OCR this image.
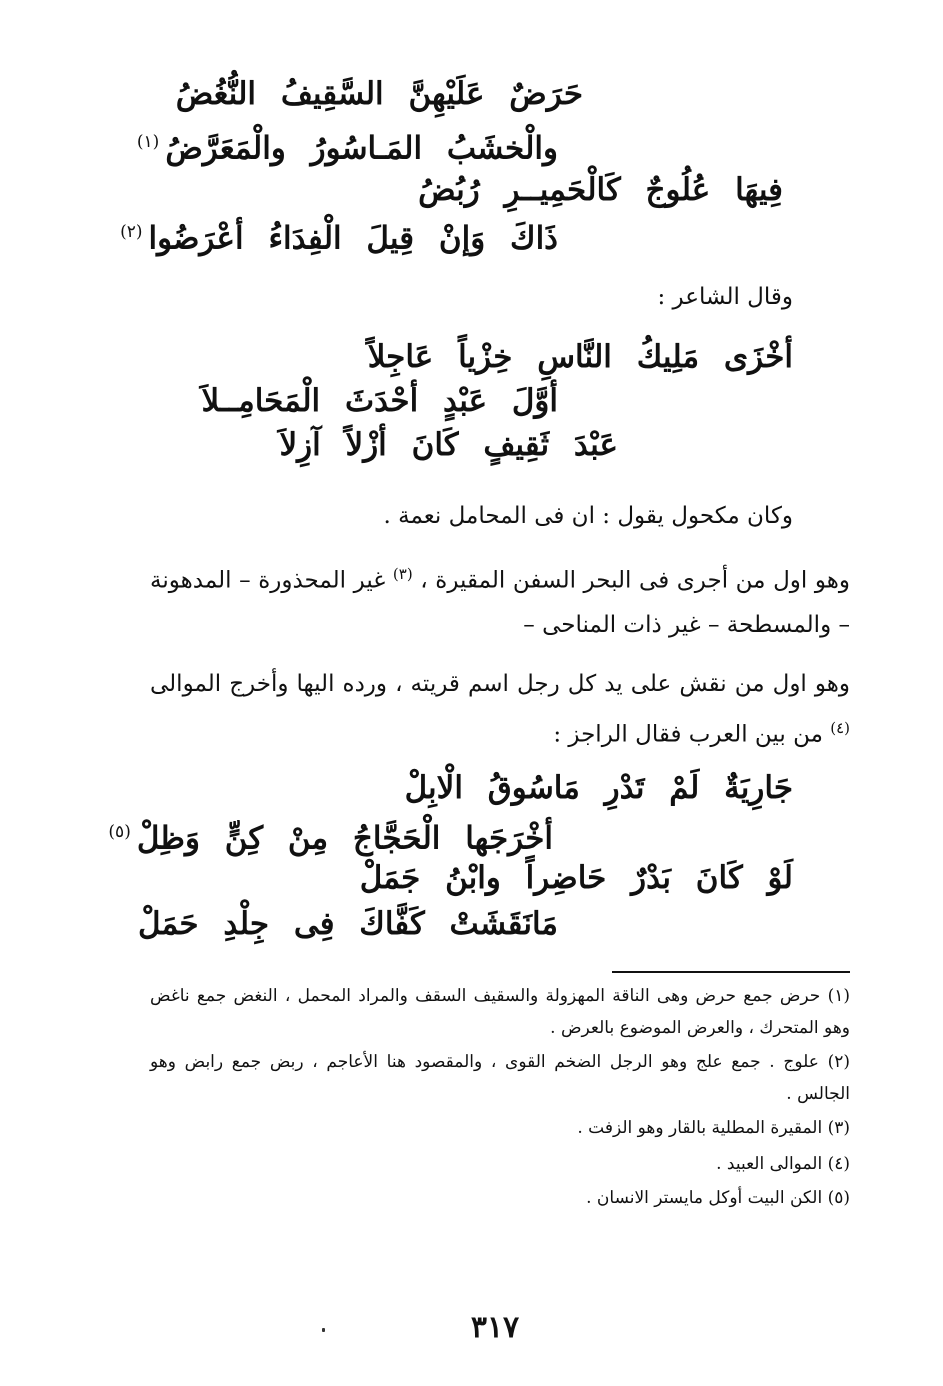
حَرَضٌ عَلَيْهِنَّ السَّقِيفُ النُّغُضُ
والْخشَبُ المَـاسُورُ والْمَعَرَّضُ$^{(١)}$
فِيهَا عُلُوجٌ كَالْحَمِيــرِ رُبُضُ
ذَاكَ وَإنْ قِيلَ الْفِدَاءُ أعْرَضُوا$^{(٢)}$
وقال الشاعر :
أخْزَى مَلِيكُ النَّاسِ خِزْياً عَاجِلاً
أوَّلَ عَبْدٍ أحْدَثَ الْمَحَامِــلاَ
عَبْدَ ثَقِيفٍ كَانَ أزْلاً آزِلاَ
وكان مكحول يقول : ان فى المحامل نعمة .
وهو اول من أجرى فى البحر السفن المقيرة ، $^{(٣)}$ غير المحذورة – المدهونة – والمسطحة – غير ذات المناحى –
وهو اول من نقش على يد كل رجل اسم قريته ، ورده اليها وأخرج الموالى $^{(٤)}$ من بين العرب فقال الراجز :
جَارِيَةٌ لَمْ تَدْرِ مَاسُوقُ الْابِلْ
أخْرَجَها الْحَجَّاجُ مِنْ كِنٍّ وَظِلْ$^{(٥)}$
لَوْ كَانَ بَدْرٌ حَاضِراً وابْنُ جَمَلْ
مَانَقَشَتْ كَفَّاكَ فِى جِلْدِ حَمَلْ
(١) حرض جمع حرض وهى الناقة المهزولة والسقيف السقف والمراد المحمل ، النغض جمع ناغض وهو المتحرك ، والعرض الموضوع بالعرض .
(٢) علوج . جمع علج وهو الرجل الضخم القوى ، والمقصود هنا الأعاجم ، ربض جمع رابض وهو الجالس .
(٣) المقيرة المطلية بالقار وهو الزفت .
(٤) الموالى العبيد .
(٥) الكن البيت أوكل مايستر الانسان .
٣١٧
